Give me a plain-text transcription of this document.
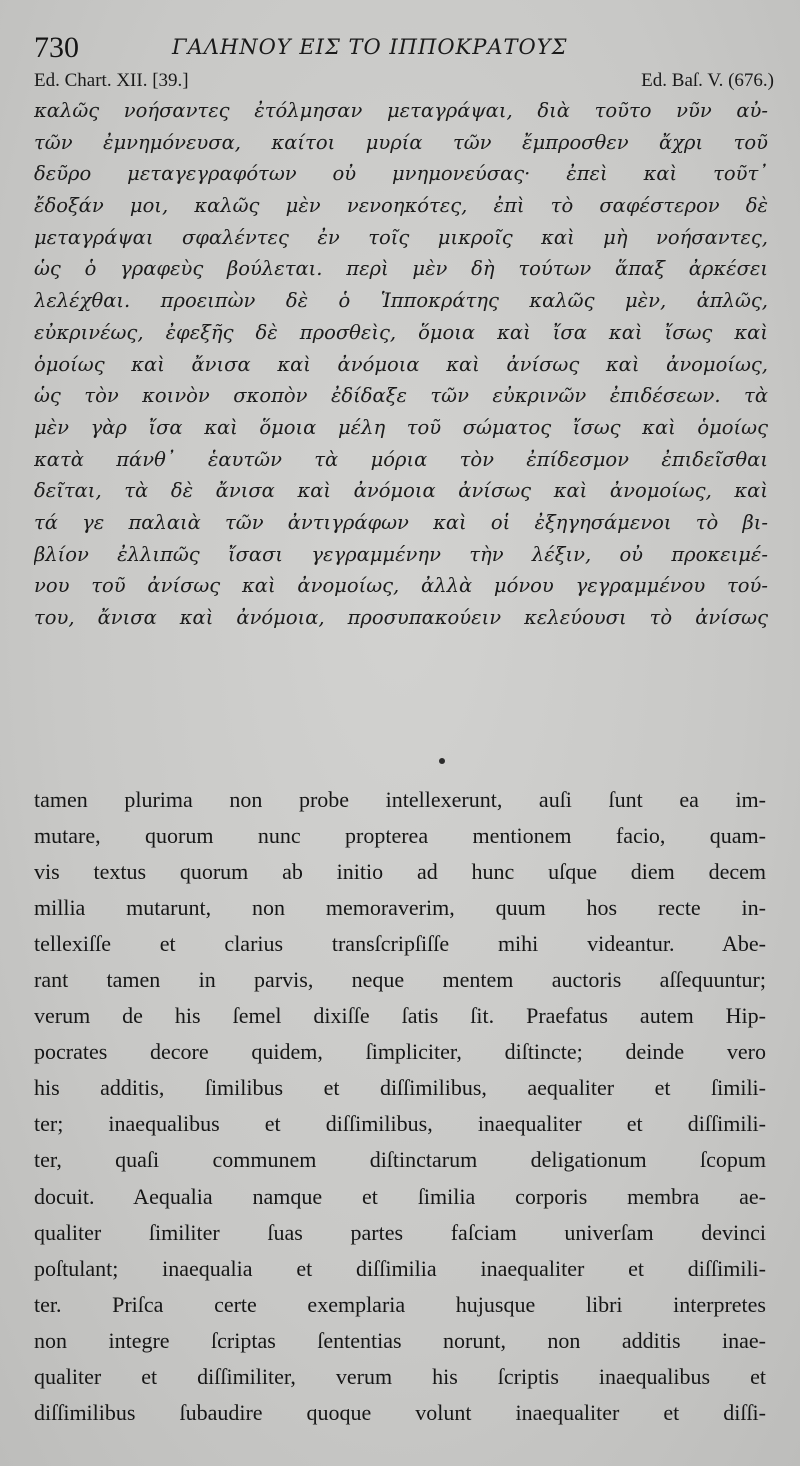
730	ΓΑΛΗΝΟΥ ΕΙΣ ΤΟ ΙΠΠΟΚΡΑΤΟΥΣ
Ed. Chart. XII. [39.]	Ed. Baſ. V. (676.)
καλῶς νοήσαντες ἐτόλμησαν μεταγράψαι, διὰ τοῦτο νῦν αὐ-
τῶν ἐμνημόνευσα, καίτοι μυρία τῶν ἔμπροσθεν ἄχρι τοῦ
δεῦρο μεταγεγραφότων οὐ μνημονεύσας· ἐπεὶ καὶ τοῦτ᾽
ἔδοξάν μοι, καλῶς μὲν νενοηκότες, ἐπὶ τὸ σαφέστερον δὲ
μεταγράψαι σφαλέντες ἐν τοῖς μικροῖς καὶ μὴ νοήσαντες,
ὡς ὁ γραφεὺς βούλεται. περὶ μὲν δὴ τούτων ἅπαξ ἀρκέσει
λελέχθαι. προειπὼν δὲ ὁ Ἱπποκράτης καλῶς μὲν, ἁπλῶς,
εὐκρινέως, ἐφεξῆς δὲ προσθεὶς, ὅμοια καὶ ἴσα καὶ ἴσως καὶ
ὁμοίως καὶ ἄνισα καὶ ἀνόμοια καὶ ἀνίσως καὶ ἀνομοίως,
ὡς τὸν κοινὸν σκοπὸν ἐδίδαξε τῶν εὐκρινῶν ἐπιδέσεων. τὰ
μὲν γὰρ ἴσα καὶ ὅμοια μέλη τοῦ σώματος ἴσως καὶ ὁμοίως
κατὰ πάνθ᾽ ἑαυτῶν τὰ μόρια τὸν ἐπίδεσμον ἐπιδεῖσθαι
δεῖται, τὰ δὲ ἄνισα καὶ ἀνόμοια ἀνίσως καὶ ἀνομοίως, καὶ
τά γε παλαιὰ τῶν ἀντιγράφων καὶ οἱ ἐξηγησάμενοι τὸ βι-
βλίον ἐλλιπῶς ἴσασι γεγραμμένην τὴν λέξιν, οὐ προκειμέ-
νου τοῦ ἀνίσως καὶ ἀνομοίως, ἀλλὰ μόνου γεγραμμένου τού-
του, ἄνισα καὶ ἀνόμοια, προσυπακούειν κελεύουσι τὸ ἀνίσως
tamen plurima non probe intellexerunt, auſi ſunt ea im-
mutare, quorum nunc propterea mentionem facio, quam-
vis textus quorum ab initio ad hunc uſque diem decem
millia mutarunt, non memoraverim, quum hos recte in-
tellexiſſe et clarius transſcripſiſſe mihi videantur. Abe-
rant tamen in parvis, neque mentem auctoris aſſequuntur;
verum de his ſemel dixiſſe ſatis ſit. Praefatus autem Hip-
pocrates decore quidem, ſimpliciter, diſtincte; deinde vero
his additis, ſimilibus et diſſimilibus, aequaliter et ſimili-
ter; inaequalibus et diſſimilibus, inaequaliter et diſſimili-
ter, quaſi communem diſtinctarum deligationum ſcopum
docuit. Aequalia namque et ſimilia corporis membra ae-
qualiter ſimiliter ſuas partes faſciam univerſam devinci
poſtulant; inaequalia et diſſimilia inaequaliter et diſſimili-
ter. Priſca certe exemplaria hujusque libri interpretes
non integre ſcriptas ſententias norunt, non additis inae-
qualiter et diſſimiliter, verum his ſcriptis inaequalibus et
diſſimilibus ſubaudire quoque volunt inaequaliter et diſſi-
